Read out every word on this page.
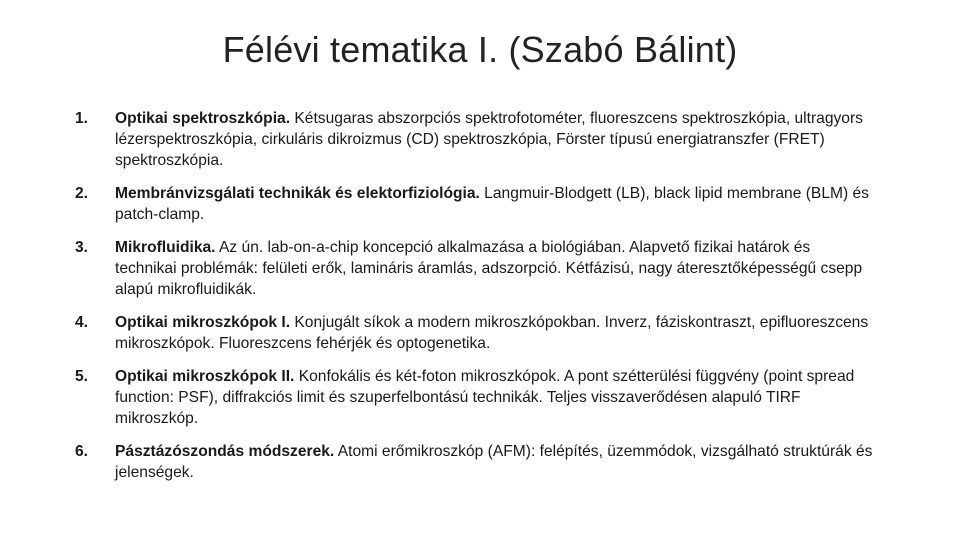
Félévi tematika I. (Szabó Bálint)
1.	Optikai spektroszkópia. Kétsugaras abszorpciós spektrofotométer, fluoreszcens spektroszkópia, ultragyors lézerspektroszkópia, cirkuláris dikroizmus (CD) spektroszkópia, Förster típusú energiatranszfer (FRET) spektroszkópia.
2.	Membránvizsgálati technikák és elektorfiziológia. Langmuir-Blodgett (LB), black lipid membrane (BLM) és patch-clamp.
3.	Mikrofluidika. Az ún. lab-on-a-chip koncepció alkalmazása a biológiában. Alapvető fizikai határok és technikai problémák: felületi erők, lamináris áramlás, adszorpció. Kétfázisú, nagy áteresztőképességű csepp alapú mikrofluidikák.
4.	Optikai mikroszkópok I. Konjugált síkok a modern mikroszkópokban. Inverz, fáziskontraszt, epifluoreszcens mikroszkópok. Fluoreszcens fehérjék és optogenetika.
5.	Optikai mikroszkópok II. Konfokális és két-foton mikroszkópok. A pont szétterülési függvény (point spread function: PSF), diffrakciós limit és szuperfelbontású technikák. Teljes visszaverődésen alapuló TIRF mikroszkóp.
6.	Pásztázószondás módszerek. Atomi erőmikroszkóp (AFM): felépítés, üzemmódok, vizsgálható struktúrák és jelenségek.
